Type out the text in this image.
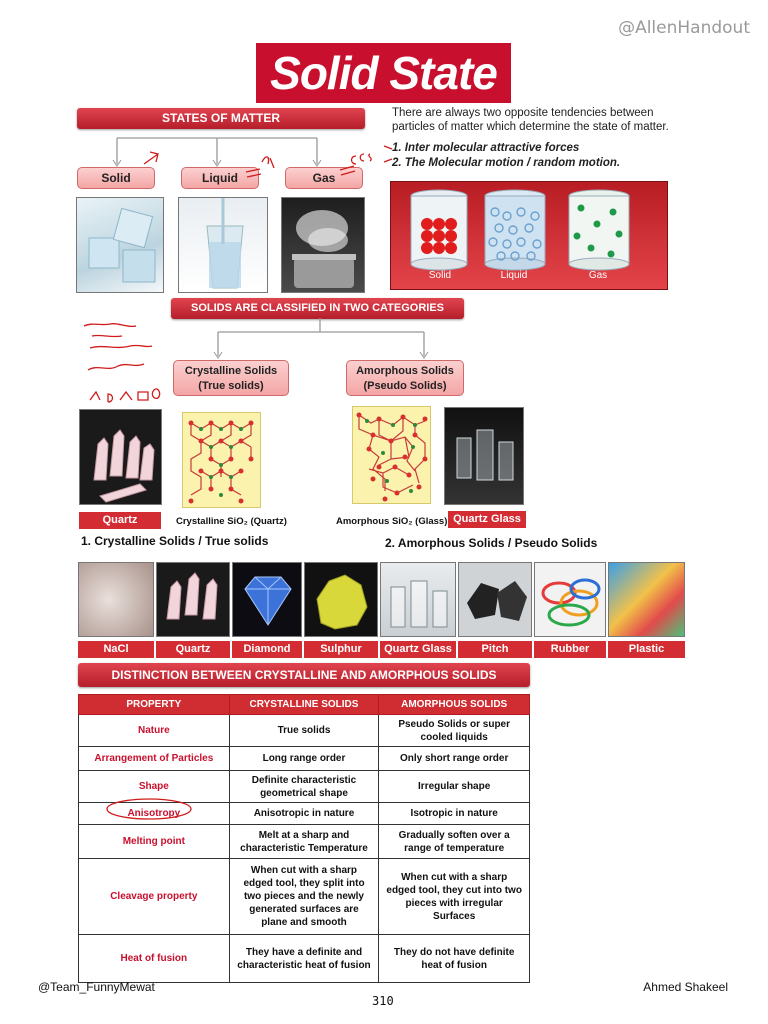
@AllenHandout
Solid State
STATES OF MATTER
Solid	Liquid	Gas
There are always two opposite tendencies between particles of matter which determine the state of matter.
1. Inter molecular attractive forces
2. The Molecular motion / random motion.
Solid	Liquid	Gas
SOLIDS ARE CLASSIFIED IN TWO CATEGORIES
Crystalline Solids
(True solids)
Amorphous Solids
(Pseudo Solids)
Quartz	Crystalline SiO₂ (Quartz)	Amorphous SiO₂ (Glass) Quartz Glass
1. Crystalline Solids / True solids	2. Amorphous Solids / Pseudo Solids
NaCl	Quartz	Diamond	Sulphur	Quartz Glass	Pitch	Rubber	Plastic
DISTINCTION BETWEEN CRYSTALLINE AND AMORPHOUS SOLIDS
PROPERTY	CRYSTALLINE SOLIDS	AMORPHOUS SOLIDS
Nature	True solids	Pseudo Solids or super cooled liquids
Arrangement of Particles	Long range order	Only short range order
Shape	Definite characteristic geometrical shape	Irregular shape
Anisotropy	Anisotropic in nature	Isotropic in nature
Melting point	Melt at a sharp and characteristic Temperature	Gradually soften over a range of temperature
Cleavage property	When cut with a sharp edged tool, they split into two pieces and the newly generated surfaces are plane and smooth	When cut with a sharp edged tool, they cut into two pieces with irregular Surfaces
Heat of fusion	They have a definite and characteristic heat of fusion	They do not have definite heat of fusion
@Team_FunnyMewat	Ahmed Shakeel
310
